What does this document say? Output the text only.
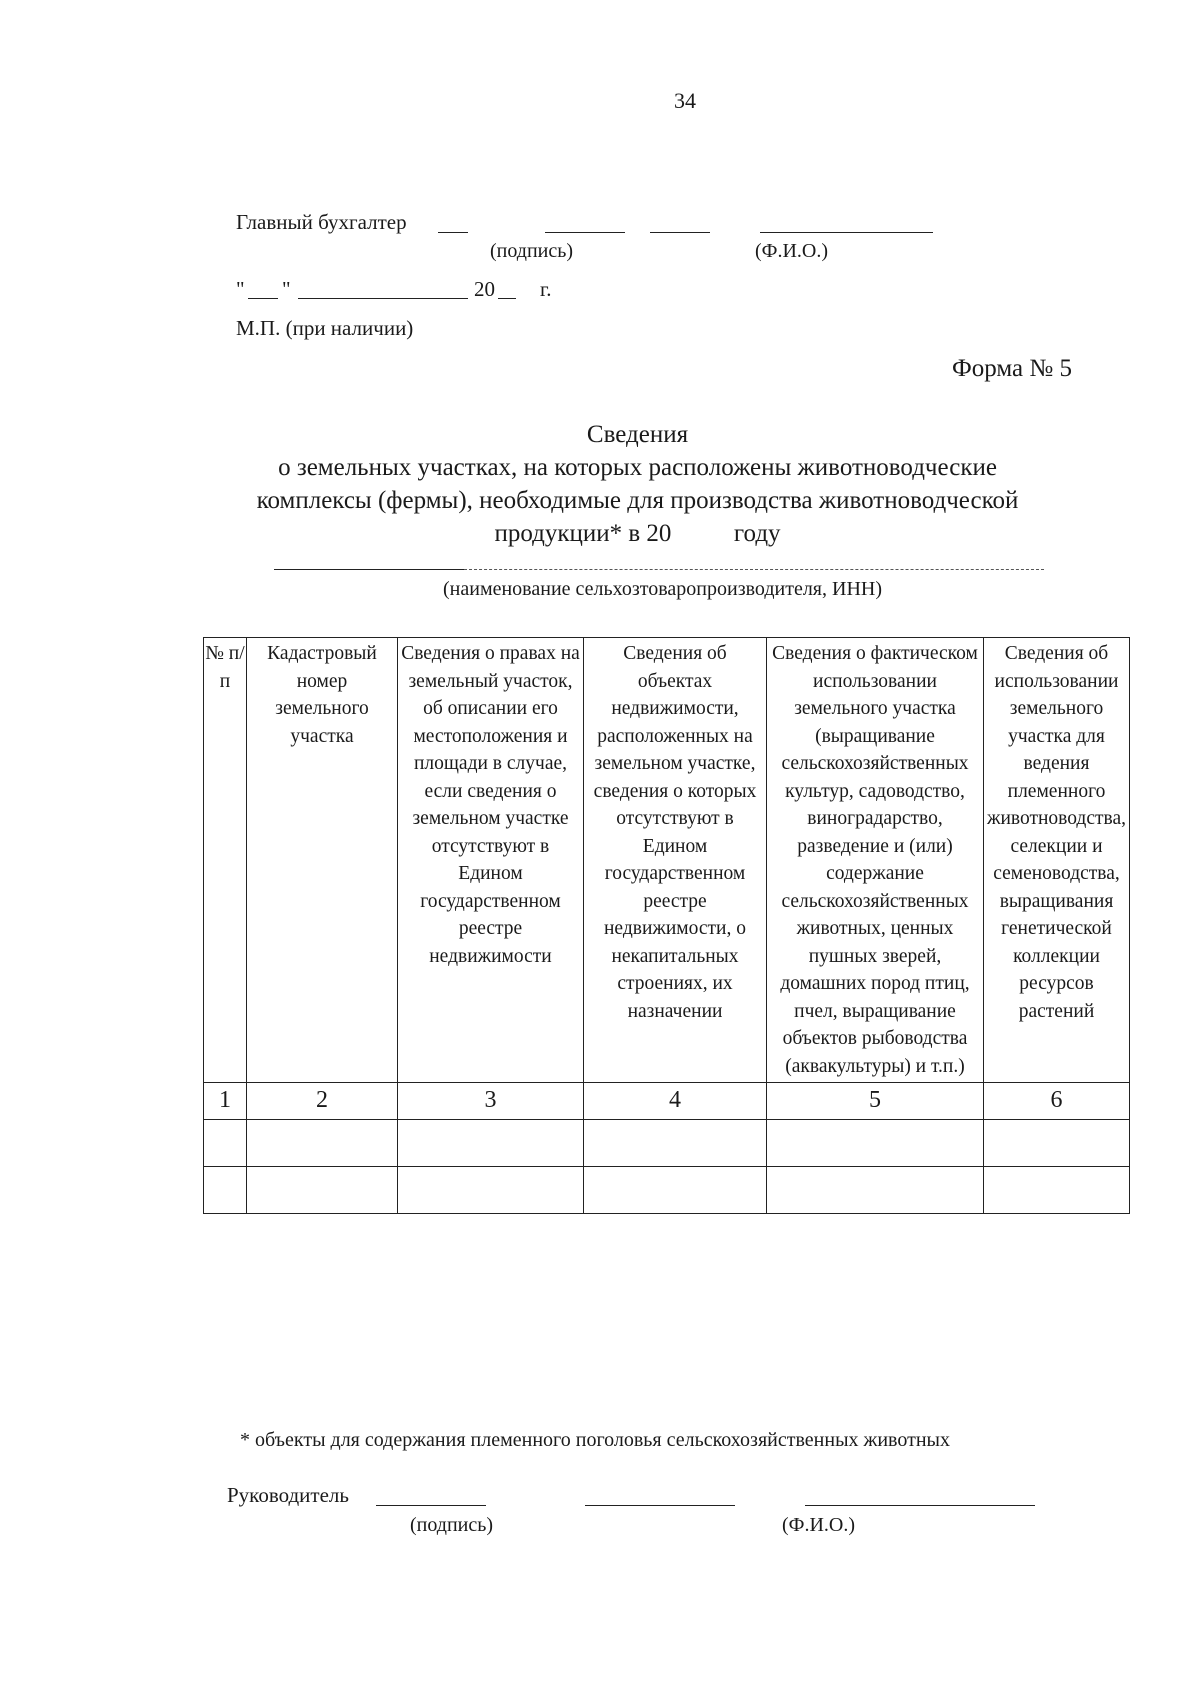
34
Главный бухгалтер
(подпись)	(Ф.И.О.)
" "	20 г.
М.П. (при наличии)
Форма № 5
Сведения
о земельных участках, на которых расположены животноводческие
комплексы (фермы), необходимые для производства животноводческой
продукции* в 20	году
(наименование сельхозтоваропроизводителя, ИНН)
№ п/п	Кадастровый номер земельного участка	Сведения о правах на земельный участок, об описании его местоположения и площади в случае, если сведения о земельном участке отсутствуют в Едином государственном реестре недвижимости	Сведения об объектах недвижимости, расположенных на земельном участке, сведения о которых отсутствуют в Едином государственном реестре недвижимости, о некапитальных строениях, их назначении	Сведения о фактическом использовании земельного участка (выращивание сельскохозяйственных культур, садоводство, виноградарство, разведение и (или) содержание сельскохозяйственных животных, ценных пушных зверей, домашних пород птиц, пчел, выращивание объектов рыбоводства (аквакультуры) и т.п.)	Сведения об использовании земельного участка для ведения племенного животноводства, селекции и семеноводства, выращивания генетической коллекции ресурсов растений
1	2	3	4	5	6

* объекты для содержания племенного поголовья сельскохозяйственных животных
Руководитель
(подпись)	(Ф.И.О.)
